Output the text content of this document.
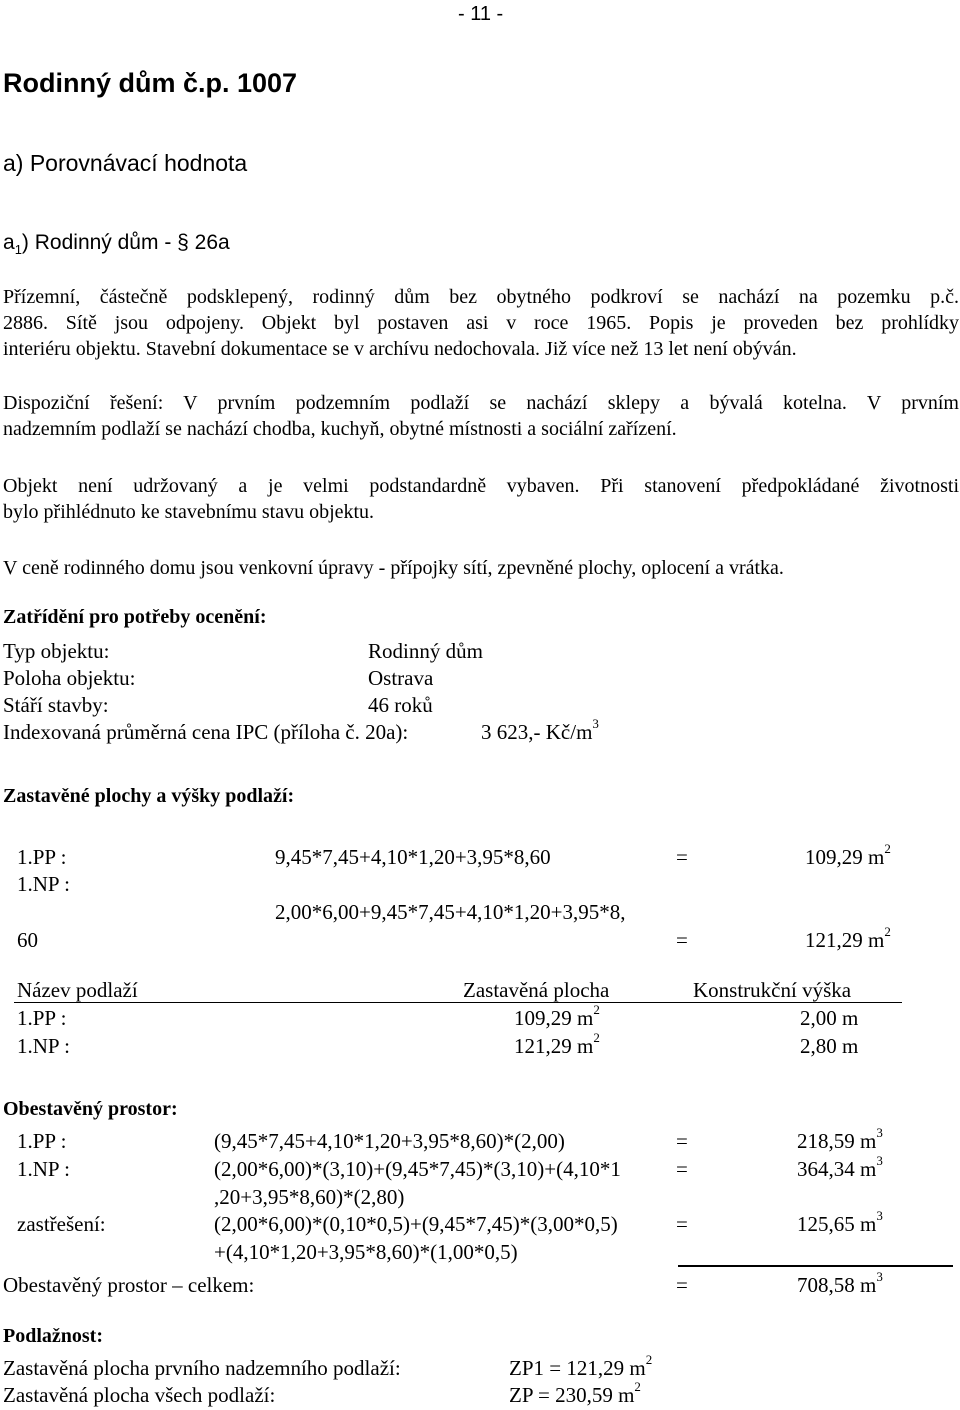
- 11 -
Rodinný dům č.p. 1007
a) Porovnávací hodnota
$a_1$) Rodinný dům - § 26a
Přízemní, částečně podsklepený, rodinný dům bez obytného podkroví se nachází na pozemku p.č.
2886. Sítě jsou odpojeny. Objekt byl postaven asi v roce 1965. Popis je proveden bez prohlídky
interiéru objektu. Stavební dokumentace se v archívu nedochovala. Již více než 13 let není obýván.
Dispoziční řešení: V prvním podzemním podlaží se nachází sklepy a bývalá kotelna. V prvním
nadzemním podlaží se nachází chodba, kuchyň, obytné místnosti a sociální zařízení.
Objekt není udržovaný a je velmi podstandardně vybaven. Při stanovení předpokládané životnosti
bylo přihlédnuto ke stavebnímu stavu objektu.
V ceně rodinného domu jsou venkovní úpravy - přípojky sítí, zpevněné plochy, oplocení a vrátka.
Zatřídění pro potřeby ocenění:
Typ objektu:	Rodinný dům
Poloha objektu:	Ostrava
Stáří stavby:	46 roků
Indexovaná průměrná cena IPC (příloha č. 20a):	3 623,- $Kč/m^3$
Zastavěné plochy a výšky podlaží:
1.PP :	9,45*7,45+4,10*1,20+3,95*8,60	=	109,29 $m^2$
1.NP :
2,00*6,00+9,45*7,45+4,10*1,20+3,95*8,
60	=	121,29 $m^2$
Název podlaží	Zastavěná plocha	Konstrukční výška
1.PP :	109,29 $m^2$	2,00 m
1.NP :	121,29 $m^2$	2,80 m
Obestavěný prostor:
1.PP :	(9,45*7,45+4,10*1,20+3,95*8,60)*(2,00)	=	218,59 $m^3$
1.NP :	(2,00*6,00)*(3,10)+(9,45*7,45)*(3,10)+(4,10*1	=	364,34 $m^3$
,20+3,95*8,60)*(2,80)
zastřešení:	(2,00*6,00)*(0,10*0,5)+(9,45*7,45)*(3,00*0,5)	=	125,65 $m^3$
+(4,10*1,20+3,95*8,60)*(1,00*0,5)
Obestavěný prostor – celkem:	=	708,58 $m^3$
Podlažnost:
Zastavěná plocha prvního nadzemního podlaží:	ZP1 = 121,29 $m^2$
Zastavěná plocha všech podlaží:	ZP = 230,59 $m^2$
